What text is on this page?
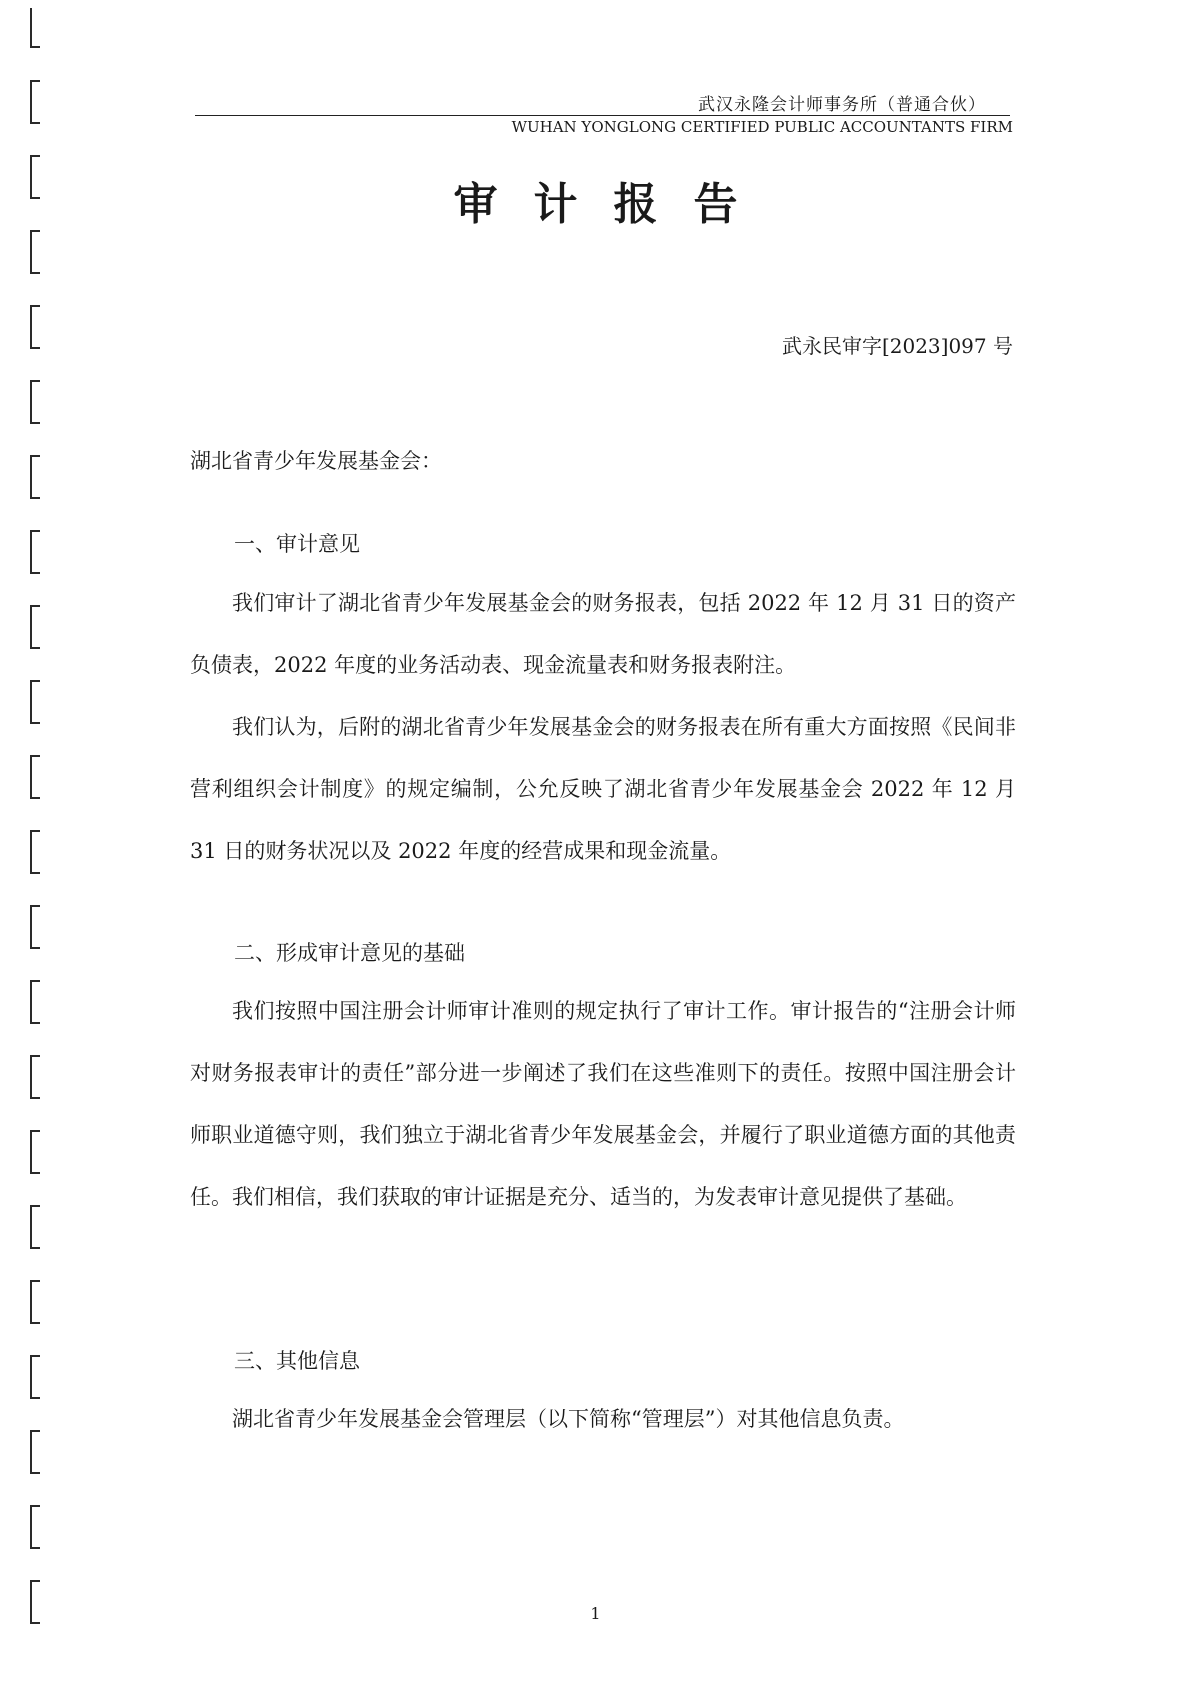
武汉永隆会计师事务所（普通合伙）
WUHAN YONGLONG CERTIFIED PUBLIC ACCOUNTANTS FIRM
审计报告
武永民审字[2023]097 号
湖北省青少年发展基金会：
一、审计意见

我们审计了湖北省青少年发展基金会的财务报表，包括 2022 年 12 月 31 日的资产负债表，2022 年度的业务活动表、现金流量表和财务报表附注。

我们认为，后附的湖北省青少年发展基金会的财务报表在所有重大方面按照《民间非营利组织会计制度》的规定编制，公允反映了湖北省青少年发展基金会 2022 年 12 月 31 日的财务状况以及 2022 年度的经营成果和现金流量。

二、形成审计意见的基础

我们按照中国注册会计师审计准则的规定执行了审计工作。审计报告的“注册会计师对财务报表审计的责任”部分进一步阐述了我们在这些准则下的责任。按照中国注册会计师职业道德守则，我们独立于湖北省青少年发展基金会，并履行了职业道德方面的其他责任。我们相信，我们获取的审计证据是充分、适当的，为发表审计意见提供了基础。

三、其他信息

湖北省青少年发展基金会管理层（以下简称“管理层”）对其他信息负责。

1
